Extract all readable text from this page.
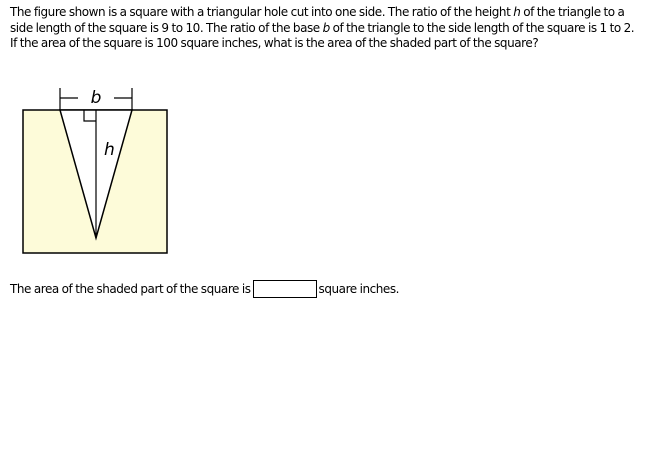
The figure shown is a square with a triangular hole cut into one side. The ratio of the height h of the triangle to a side length of the square is 9 to 10. The ratio of the base b of the triangle to the side length of the square is 1 to 2. If the area of the square is 100 square inches, what is the area of the shaded part of the square?

b
h
The area of the shaded part of the square is	square inches.
